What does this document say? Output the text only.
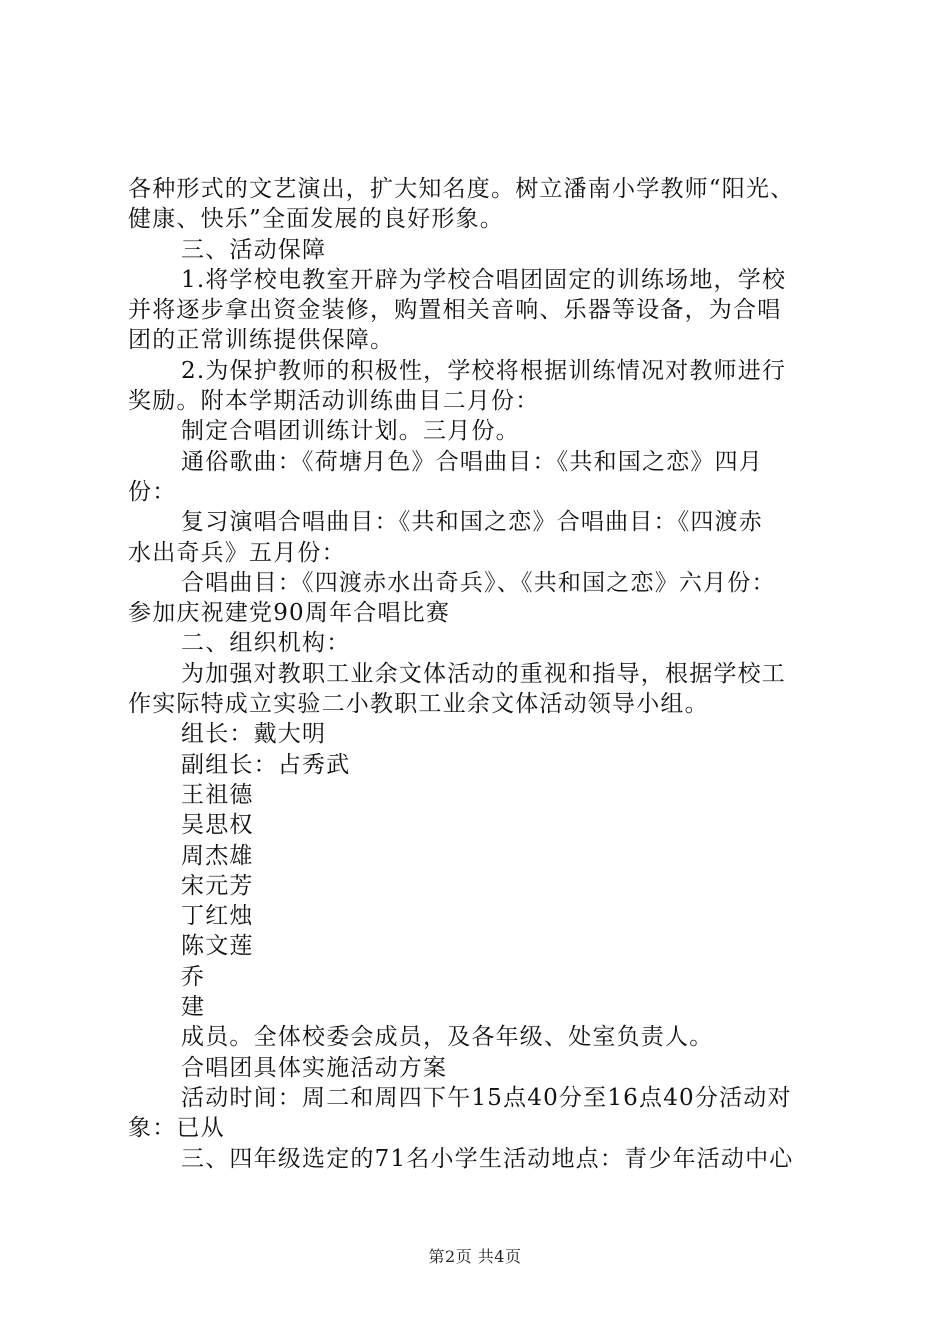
各种形式的文艺演出，扩大知名度。树立潘南小学教师“阳光、
健康、快乐”全面发展的良好形象。
三、活动保障
1.将学校电教室开辟为学校合唱团固定的训练场地，学校
并将逐步拿出资金装修，购置相关音响、乐器等设备，为合唱
团的正常训练提供保障。
2.为保护教师的积极性，学校将根据训练情况对教师进行
奖励。附本学期活动训练曲目二月份：
制定合唱团训练计划。三月份。
通俗歌曲：《荷塘月色》合唱曲目：《共和国之恋》四月
份：
复习演唱合唱曲目：《共和国之恋》合唱曲目：《四渡赤
水出奇兵》五月份：
合唱曲目：《四渡赤水出奇兵》、《共和国之恋》六月份：
参加庆祝建党90周年合唱比赛
二、组织机构：
为加强对教职工业余文体活动的重视和指导，根据学校工
作实际特成立实验二小教职工业余文体活动领导小组。
组长：戴大明
副组长：占秀武
王祖德
吴思权
周杰雄
宋元芳
丁红烛
陈文莲
乔
建
成员。全体校委会成员，及各年级、处室负责人。
合唱团具体实施活动方案
活动时间：周二和周四下午15点40分至16点40分活动对
象：已从
三、四年级选定的71名小学生活动地点：青少年活动中心
第2页 共4页
